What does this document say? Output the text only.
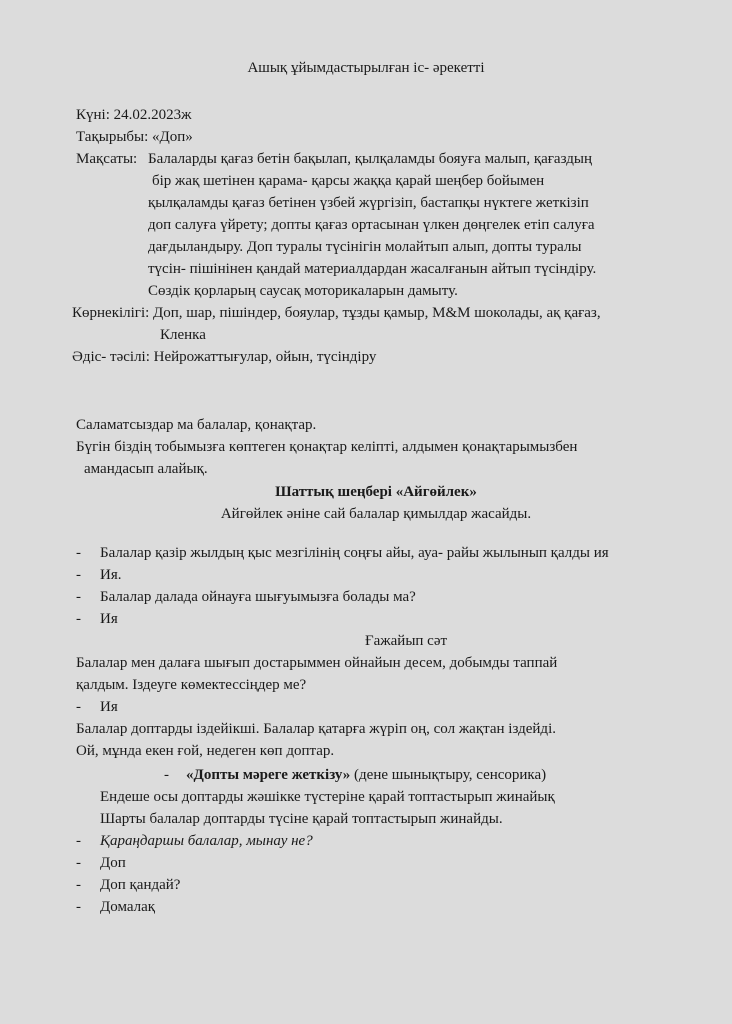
Ашық ұйымдастырылған іс- әрекетті
Күні: 24.02.2023ж
Тақырыбы: «Доп»
Мақсаты: Балаларды қағаз бетін бақылап, қылқаламды бояуға малып, қағаздың
бір жақ шетінен қарама- қарсы жаққа қарай шеңбер бойымен
қылқаламды қағаз бетінен үзбей жүргізіп, бастапқы нүктеге жеткізіп
доп салуға үйрету; допты қағаз ортасынан үлкен дөңгелек етіп салуға
дағдыландыру. Доп туралы түсінігін молайтып алып, допты туралы
түсін- пішінінен қандай материалдардан жасалғанын айтып түсіндіру.
Сөздік қорларың саусақ моторикаларын дамыту.
Көрнекілігі: Доп, шар, пішіндер, бояулар, тұзды қамыр, M&M шоколады, ақ қағаз,
Кленка
Әдіс- тәсілі: Нейрожаттығулар, ойын, түсіндіру
Саламатсыздар ма балалар, қонақтар.
Бүгін біздің тобымызға көптеген қонақтар келіпті, алдымен қонақтарымызбен
амандасып алайық.
Шаттық шеңбері «Айгөйлек»
Айгөйлек әніне сай балалар қимылдар жасайды.
- Балалар қазір жылдың қыс мезгілінің соңғы айы, ауа- райы жылынып қалды ия
- Ия.
- Балалар далада ойнауға шығуымызға болады ма?
- Ия
Ғажайып сәт
Балалар мен далаға шығып достарыммен ойнайын десем, добымды таппай
қалдым. Іздеуге көмектессіңдер ме?
- Ия
Балалар доптарды іздейікші. Балалар қатарға жүріп оң, сол жақтан іздейді.
Ой, мұнда екен ғой, недеген көп доптар.
- «Допты мәреге жеткізу» (дене шынықтыру, сенсорика)
Ендеше осы доптарды жәшікке түстеріне қарай топтастырып жинайық
Шарты балалар доптарды түсіне қарай топтастырып жинайды.
- Қараңдаршы балалар, мынау не?
- Доп
- Доп қандай?
- Домалақ
